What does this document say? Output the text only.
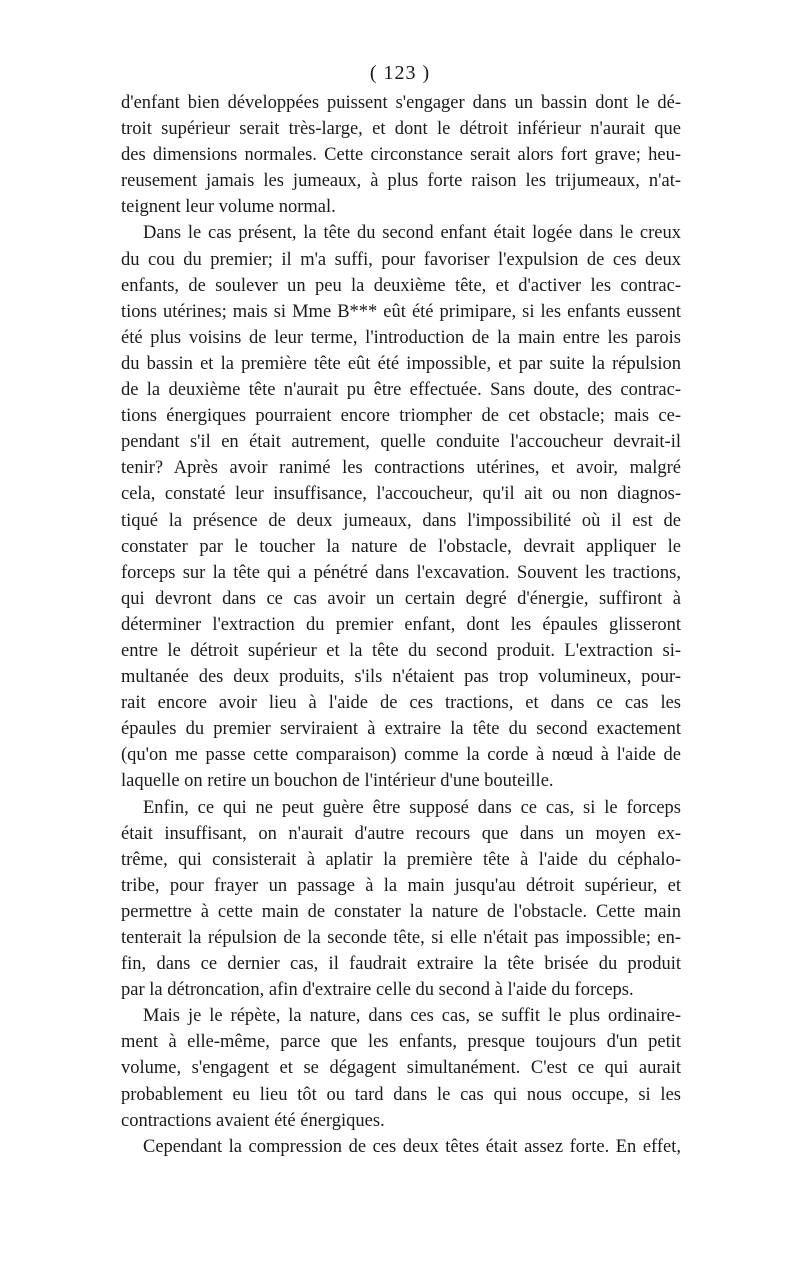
( 123 )
d'enfant bien développées puissent s'engager dans un bassin dont le dé-
troit supérieur serait très-large, et dont le détroit inférieur n'aurait que
des dimensions normales. Cette circonstance serait alors fort grave; heu-
reusement jamais les jumeaux, à plus forte raison les trijumeaux, n'at-
teignent leur volume normal.
Dans le cas présent, la tête du second enfant était logée dans le creux
du cou du premier; il m'a suffi, pour favoriser l'expulsion de ces deux
enfants, de soulever un peu la deuxième tête, et d'activer les contrac-
tions utérines; mais si Mme B*** eût été primipare, si les enfants eussent
été plus voisins de leur terme, l'introduction de la main entre les parois
du bassin et la première tête eût été impossible, et par suite la répulsion
de la deuxième tête n'aurait pu être effectuée. Sans doute, des contrac-
tions énergiques pourraient encore triompher de cet obstacle; mais ce-
pendant s'il en était autrement, quelle conduite l'accoucheur devrait-il
tenir? Après avoir ranimé les contractions utérines, et avoir, malgré
cela, constaté leur insuffisance, l'accoucheur, qu'il ait ou non diagnos-
tiqué la présence de deux jumeaux, dans l'impossibilité où il est de
constater par le toucher la nature de l'obstacle, devrait appliquer le
forceps sur la tête qui a pénétré dans l'excavation. Souvent les tractions,
qui devront dans ce cas avoir un certain degré d'énergie, suffiront à
déterminer l'extraction du premier enfant, dont les épaules glisseront
entre le détroit supérieur et la tête du second produit. L'extraction si-
multanée des deux produits, s'ils n'étaient pas trop volumineux, pour-
rait encore avoir lieu à l'aide de ces tractions, et dans ce cas les
épaules du premier serviraient à extraire la tête du second exactement
(qu'on me passe cette comparaison) comme la corde à nœud à l'aide de
laquelle on retire un bouchon de l'intérieur d'une bouteille.
Enfin, ce qui ne peut guère être supposé dans ce cas, si le forceps
était insuffisant, on n'aurait d'autre recours que dans un moyen ex-
trême, qui consisterait à aplatir la première tête à l'aide du céphalo-
tribe, pour frayer un passage à la main jusqu'au détroit supérieur, et
permettre à cette main de constater la nature de l'obstacle. Cette main
tenterait la répulsion de la seconde tête, si elle n'était pas impossible; en-
fin, dans ce dernier cas, il faudrait extraire la tête brisée du produit
par la détroncation, afin d'extraire celle du second à l'aide du forceps.
Mais je le répète, la nature, dans ces cas, se suffit le plus ordinaire-
ment à elle-même, parce que les enfants, presque toujours d'un petit
volume, s'engagent et se dégagent simultanément. C'est ce qui aurait
probablement eu lieu tôt ou tard dans le cas qui nous occupe, si les
contractions avaient été énergiques.
Cependant la compression de ces deux têtes était assez forte. En effet,
